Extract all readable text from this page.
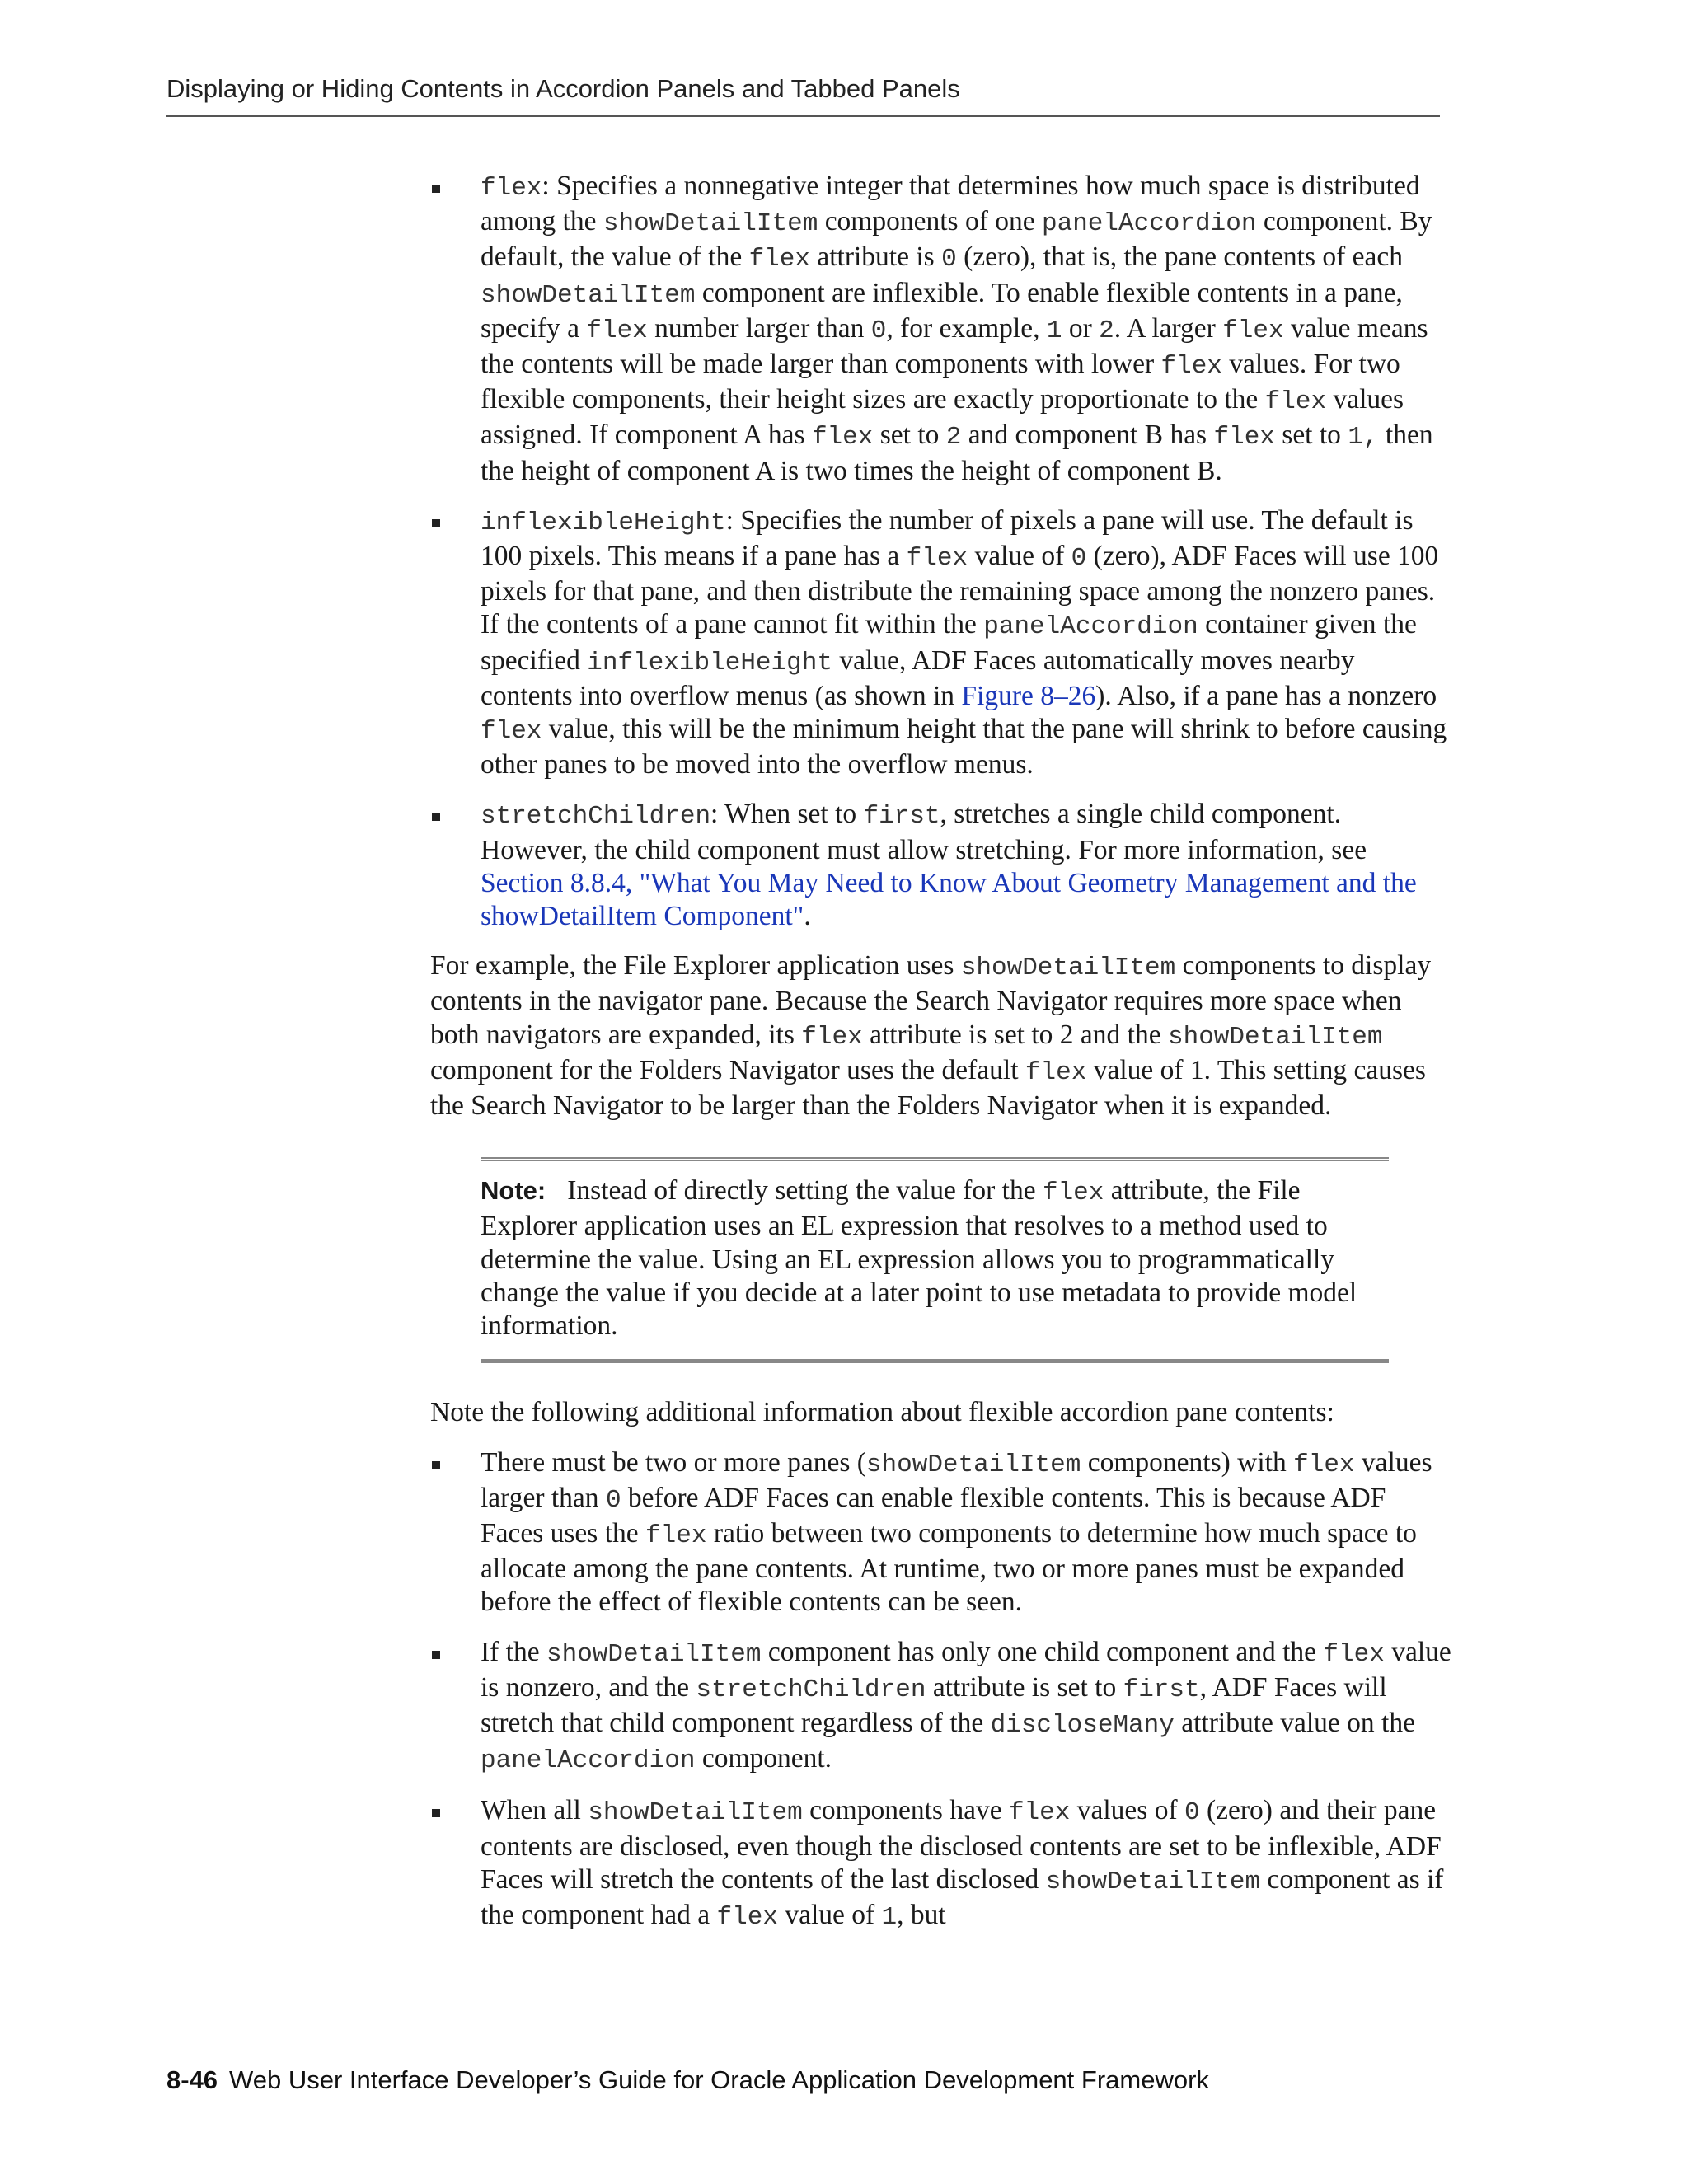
Displaying or Hiding Contents in Accordion Panels and Tabbed Panels
flex: Specifies a nonnegative integer that determines how much space is distributed among the showDetailItem components of one panelAccordion component. By default, the value of the flex attribute is 0 (zero), that is, the pane contents of each showDetailItem component are inflexible. To enable flexible contents in a pane, specify a flex number larger than 0, for example, 1 or 2. A larger flex value means the contents will be made larger than components with lower flex values. For two flexible components, their height sizes are exactly proportionate to the flex values assigned. If component A has flex set to 2 and component B has flex set to 1, then the height of component A is two times the height of component B.
inflexibleHeight: Specifies the number of pixels a pane will use. The default is 100 pixels. This means if a pane has a flex value of 0 (zero), ADF Faces will use 100 pixels for that pane, and then distribute the remaining space among the nonzero panes. If the contents of a pane cannot fit within the panelAccordion container given the specified inflexibleHeight value, ADF Faces automatically moves nearby contents into overflow menus (as shown in Figure 8–26). Also, if a pane has a nonzero flex value, this will be the minimum height that the pane will shrink to before causing other panes to be moved into the overflow menus.
stretchChildren: When set to first, stretches a single child component. However, the child component must allow stretching. For more information, see Section 8.8.4, "What You May Need to Know About Geometry Management and the showDetailItem Component".

For example, the File Explorer application uses showDetailItem components to display contents in the navigator pane. Because the Search Navigator requires more space when both navigators are expanded, its flex attribute is set to 2 and the showDetailItem component for the Folders Navigator uses the default flex value of 1. This setting causes the Search Navigator to be larger than the Folders Navigator when it is expanded.

Note: Instead of directly setting the value for the flex attribute, the File Explorer application uses an EL expression that resolves to a method used to determine the value. Using an EL expression allows you to programmatically change the value if you decide at a later point to use metadata to provide model information.

Note the following additional information about flexible accordion pane contents:

There must be two or more panes (showDetailItem components) with flex values larger than 0 before ADF Faces can enable flexible contents. This is because ADF Faces uses the flex ratio between two components to determine how much space to allocate among the pane contents. At runtime, two or more panes must be expanded before the effect of flexible contents can be seen.
If the showDetailItem component has only one child component and the flex value is nonzero, and the stretchChildren attribute is set to first, ADF Faces will stretch that child component regardless of the discloseMany attribute value on the panelAccordion component.
When all showDetailItem components have flex values of 0 (zero) and their pane contents are disclosed, even though the disclosed contents are set to be inflexible, ADF Faces will stretch the contents of the last disclosed showDetailItem component as if the component had a flex value of 1, but
8-46 Web User Interface Developer’s Guide for Oracle Application Development Framework
